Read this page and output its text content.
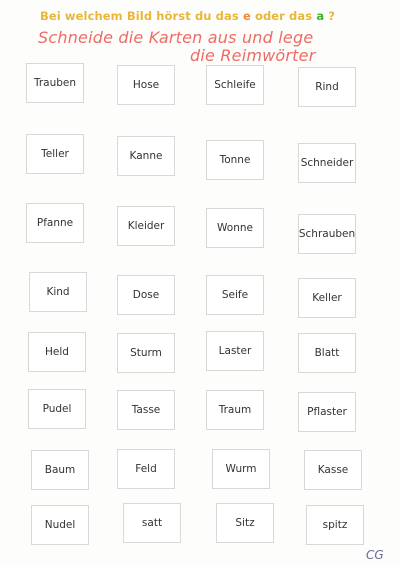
Bei welchem Bild hörst du das e oder das a ?
Schneide die Karten aus und lege
die Reimwörter
Trauben	Hose	Schleife	Rind
Teller	Kanne	Tonne	Schneider
Pfanne	Kleider	Wonne	Schrauben
Kind	Dose	Seife	Keller
Held	Sturm	Laster	Blatt
Pudel	Tasse	Traum	Pflaster
Baum	Feld	Wurm	Kasse
Nudel	satt	Sitz	spitz
CG
